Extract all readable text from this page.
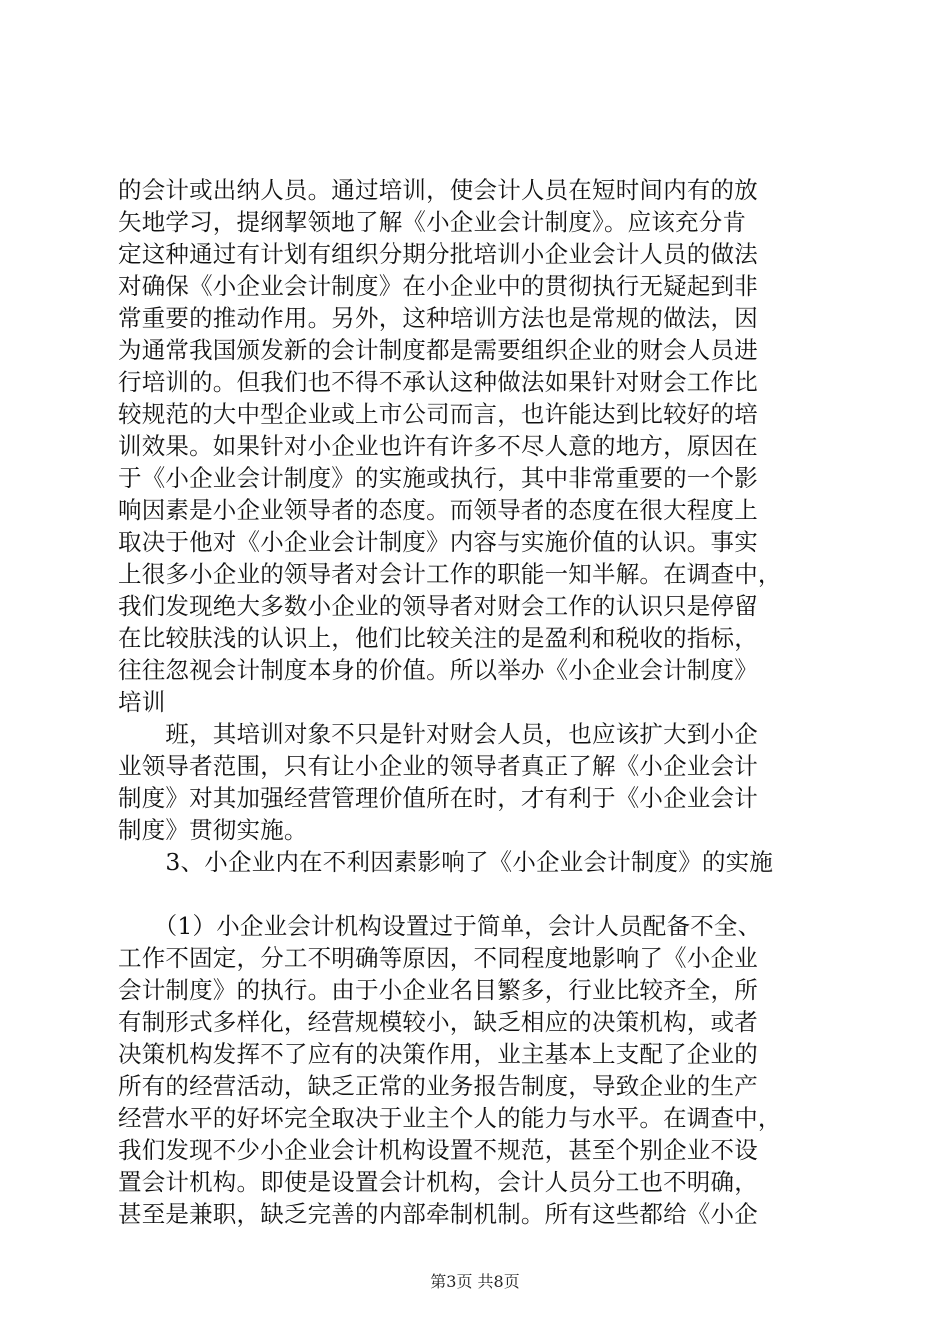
的会计或出纳人员。通过培训，使会计人员在短时间内有的放
矢地学习，提纲挈领地了解《小企业会计制度》。应该充分肯
定这种通过有计划有组织分期分批培训小企业会计人员的做法
对确保《小企业会计制度》在小企业中的贯彻执行无疑起到非
常重要的推动作用。另外，这种培训方法也是常规的做法，因
为通常我国颁发新的会计制度都是需要组织企业的财会人员进
行培训的。但我们也不得不承认这种做法如果针对财会工作比
较规范的大中型企业或上市公司而言，也许能达到比较好的培
训效果。如果针对小企业也许有许多不尽人意的地方，原因在
于《小企业会计制度》的实施或执行，其中非常重要的一个影
响因素是小企业领导者的态度。而领导者的态度在很大程度上
取决于他对《小企业会计制度》内容与实施价值的认识。事实
上很多小企业的领导者对会计工作的职能一知半解。在调查中，
我们发现绝大多数小企业的领导者对财会工作的认识只是停留
在比较肤浅的认识上，他们比较关注的是盈利和税收的指标，
往往忽视会计制度本身的价值。所以举办《小企业会计制度》
培训
　　班，其培训对象不只是针对财会人员，也应该扩大到小企
业领导者范围，只有让小企业的领导者真正了解《小企业会计
制度》对其加强经营管理价值所在时，才有利于《小企业会计
制度》贯彻实施。
　　3、小企业内在不利因素影响了《小企业会计制度》的实施
　　（1）小企业会计机构设置过于简单，会计人员配备不全、
工作不固定，分工不明确等原因，不同程度地影响了《小企业
会计制度》的执行。由于小企业名目繁多，行业比较齐全，所
有制形式多样化，经营规模较小，缺乏相应的决策机构，或者
决策机构发挥不了应有的决策作用，业主基本上支配了企业的
所有的经营活动，缺乏正常的业务报告制度，导致企业的生产
经营水平的好坏完全取决于业主个人的能力与水平。在调查中，
我们发现不少小企业会计机构设置不规范，甚至个别企业不设
置会计机构。即使是设置会计机构，会计人员分工也不明确，
甚至是兼职，缺乏完善的内部牵制机制。所有这些都给《小企
第3页 共8页
